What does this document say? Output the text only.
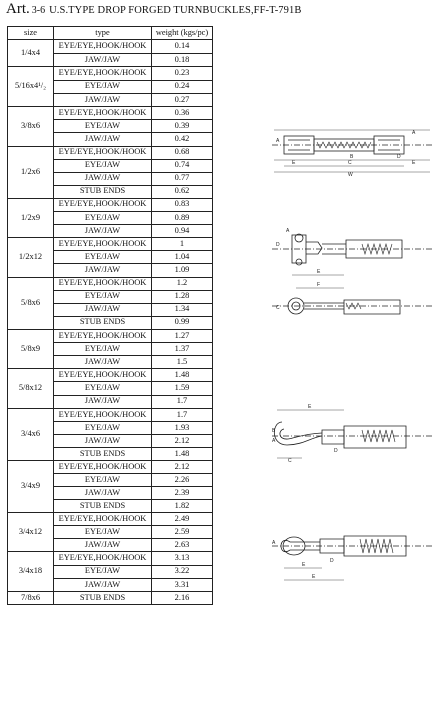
Art. 3-6 U.S.TYPE DROP FORGED TURNBUCKLES,FF-T-791B
size	type	weight (kgs/pc)
1/4x4	EYE/EYE,HOOK/HOOK	0.14
	JAW/JAW	0.18
5/16x4¹/₂	EYE/EYE,HOOK/HOOK	0.23
	EYE/JAW	0.24
	JAW/JAW	0.27
3/8x6	EYE/EYE,HOOK/HOOK	0.36
	EYE/JAW	0.39
	JAW/JAW	0.42
1/2x6	EYE/EYE,HOOK/HOOK	0.68
	EYE/JAW	0.74
	JAW/JAW	0.77
	STUB ENDS	0.62
1/2x9	EYE/EYE,HOOK/HOOK	0.83
	EYE/JAW	0.89
	JAW/JAW	0.94
1/2x12	EYE/EYE,HOOK/HOOK	1
	EYE/JAW	1.04
	JAW/JAW	1.09
5/8x6	EYE/EYE,HOOK/HOOK	1.2
	EYE/JAW	1.28
	JAW/JAW	1.34
	STUB ENDS	0.99
5/8x9	EYE/EYE,HOOK/HOOK	1.27
	EYE/JAW	1.37
	JAW/JAW	1.5
5/8x12	EYE/EYE,HOOK/HOOK	1.48
	EYE/JAW	1.59
	JAW/JAW	1.7
3/4x6	EYE/EYE,HOOK/HOOK	1.7
	EYE/JAW	1.93
	JAW/JAW	2.12
	STUB ENDS	1.48
3/4x9	EYE/EYE,HOOK/HOOK	2.12
	EYE/JAW	2.26
	JAW/JAW	2.39
	STUB ENDS	1.82
3/4x12	EYE/EYE,HOOK/HOOK	2.49
	EYE/JAW	2.59
	JAW/JAW	2.63
3/4x18	EYE/EYE,HOOK/HOOK	3.13
	EYE/JAW	3.22
	JAW/JAW	3.31
7/8x6	STUB ENDS	2.16
A
A
B
C
W
E
D
E
D
A
E
F
C
B
A
E
C
D
A
D
E
E
